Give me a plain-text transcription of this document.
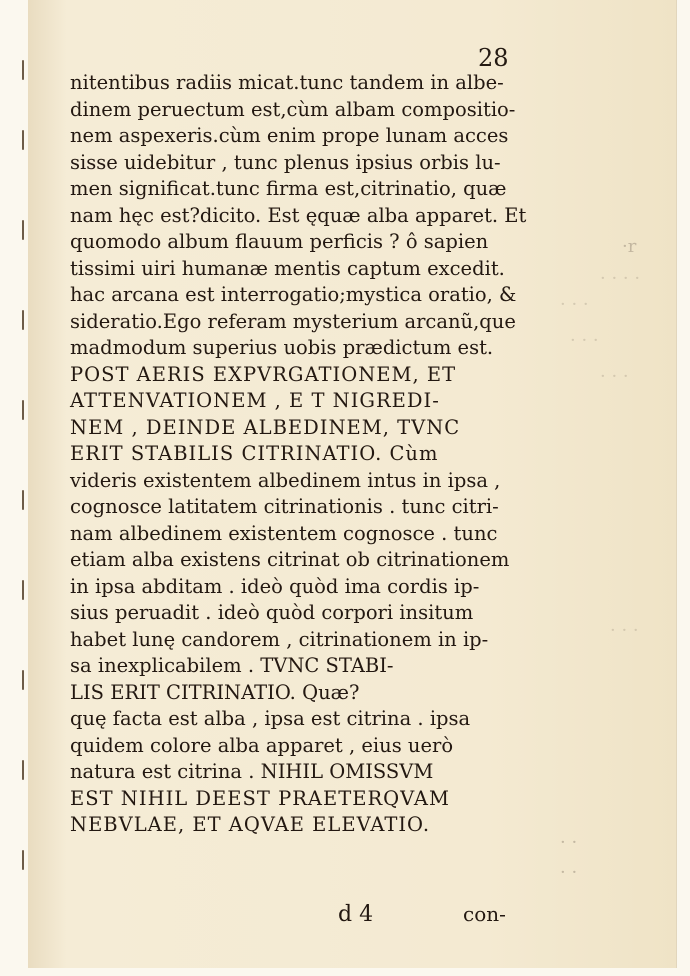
·r
· · · ·
· · ·
· · ·
· · ·
· · ·
· ·
· ·
28
nitentibus radiis micat.tunc tandem in albe-
dinem peruectum est,cùm albam compositio-
nem aspexeris.cùm enim prope lunam acces
sisse uidebitur , tunc plenus ipsius orbis lu-
men significat.tunc firma est,citrinatio, quæ
nam hęc est?dicito. Est ęquæ alba apparet. Et
quomodo album flauum perficis ? ô sapien
tissimi uiri humanæ mentis captum excedit.
hac arcana est interrogatio;mystica oratio, &
sideratio.Ego referam mysterium arcanũ,que
madmodum superius uobis prædictum est.
POST AERIS EXPVRGATIONEM, ET
ATTENVATIONEM , E T NIGREDI-
NEM , DEINDE ALBEDINEM, TVNC
ERIT STABILIS CITRINATIO. Cùm
videris existentem albedinem intus in ipsa ,
cognosce latitatem citrinationis . tunc citri-
nam albedinem existentem cognosce . tunc
etiam alba existens citrinat ob citrinationem
in ipsa abditam . ideò quòd ima cordis ip-
sius peruadit . ideò quòd corpori insitum
habet lunę candorem , citrinationem in ip-
sa inexplicabilem . TVNC STABI-
LIS ERIT CITRINATIO. Quæ?
quę facta est alba , ipsa est citrina . ipsa
quidem colore alba apparet , eius uerò
natura est citrina . NIHIL OMISSVM
EST NIHIL DEEST PRAETERQVAM
NEBVLAE, ET AQVAE ELEVATIO.
d 4	con-
